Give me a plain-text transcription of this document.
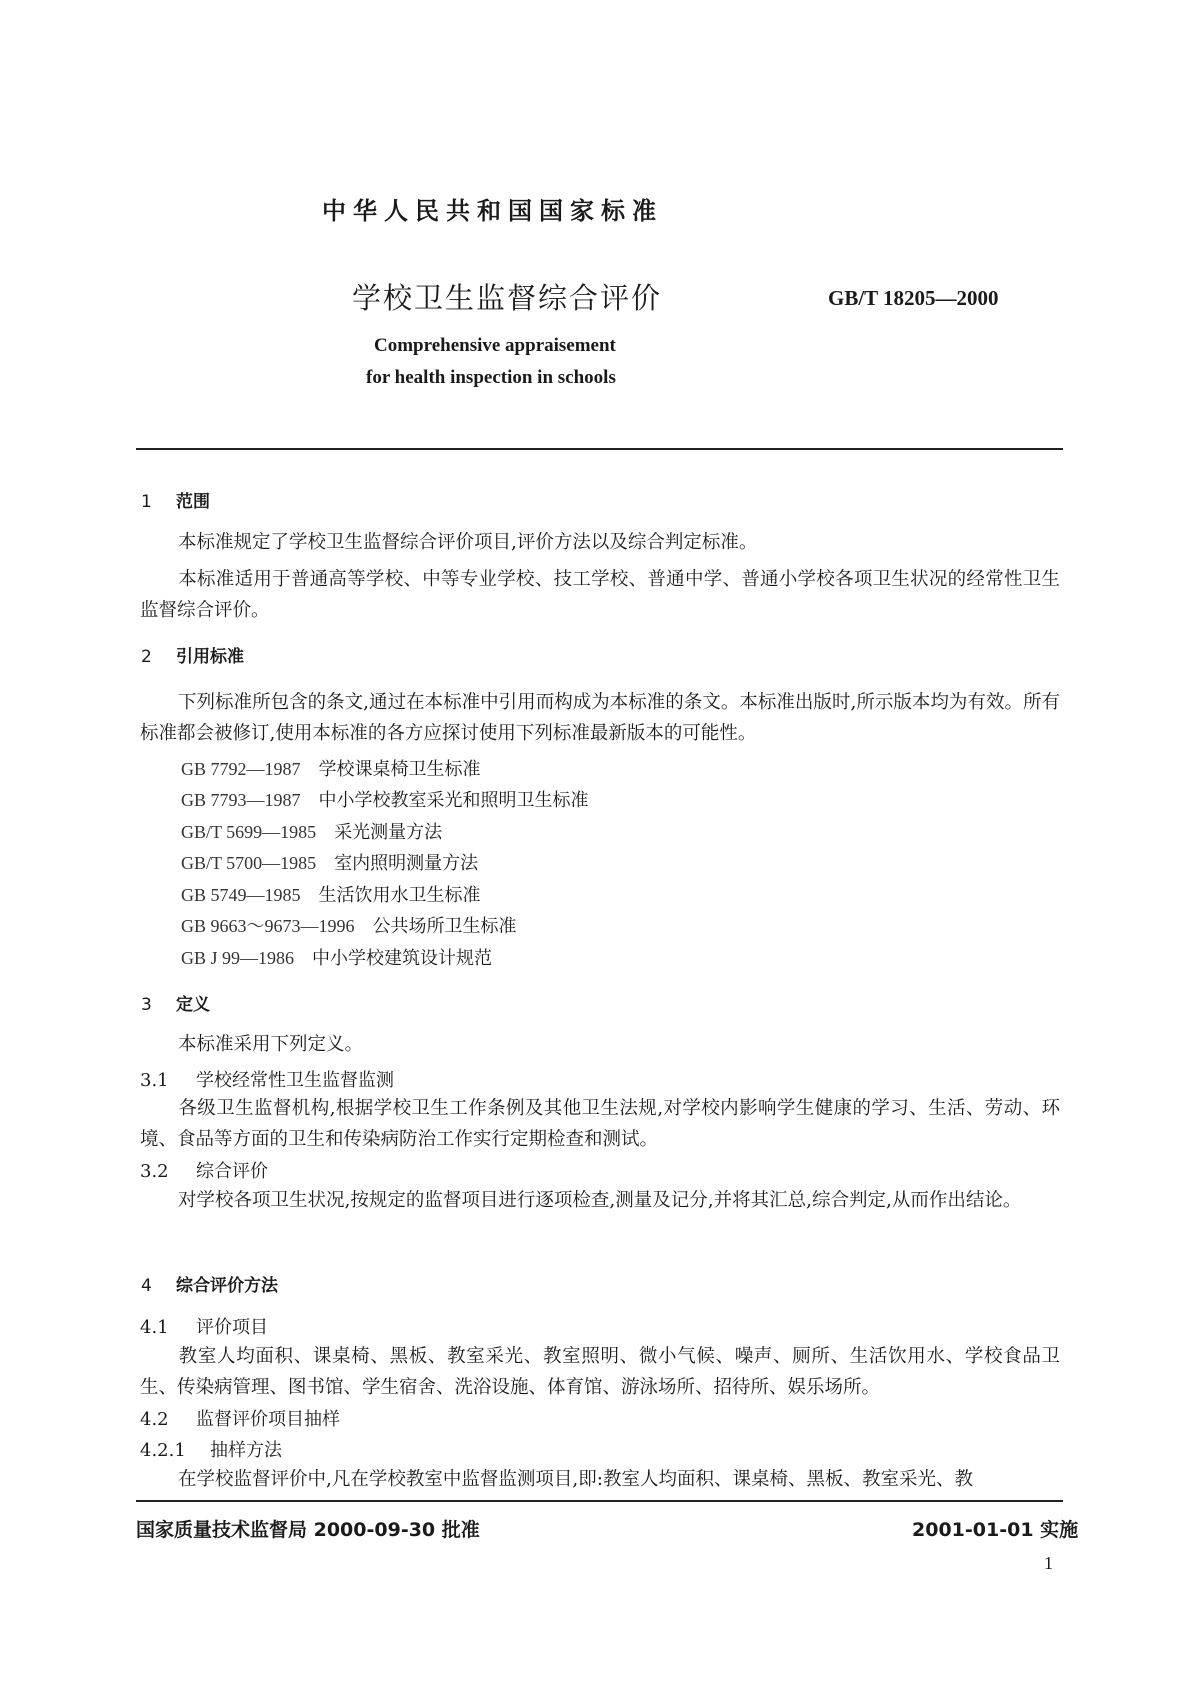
中华人民共和国国家标准
学校卫生监督综合评价	GB/T 18205—2000
Comprehensive appraisement
for health inspection in schools
1 范围
本标准规定了学校卫生监督综合评价项目,评价方法以及综合判定标准。
本标准适用于普通高等学校、中等专业学校、技工学校、普通中学、普通小学校各项卫生状况的经常性卫生监督综合评价。
2 引用标准
下列标准所包含的条文,通过在本标准中引用而构成为本标准的条文。本标准出版时,所示版本均为有效。所有标准都会被修订,使用本标准的各方应探讨使用下列标准最新版本的可能性。
GB 7792—1987 学校课桌椅卫生标准
GB 7793—1987 中小学校教室采光和照明卫生标准
GB/T 5699—1985 采光测量方法
GB/T 5700—1985 室内照明测量方法
GB 5749—1985 生活饮用水卫生标准
GB 9663～9673—1996 公共场所卫生标准
GB J 99—1986 中小学校建筑设计规范
3 定义
本标准采用下列定义。
3.1 学校经常性卫生监督监测
各级卫生监督机构,根据学校卫生工作条例及其他卫生法规,对学校内影响学生健康的学习、生活、劳动、环境、食品等方面的卫生和传染病防治工作实行定期检查和测试。
3.2 综合评价
对学校各项卫生状况,按规定的监督项目进行逐项检查,测量及记分,并将其汇总,综合判定,从而作出结论。
4 综合评价方法
4.1 评价项目
教室人均面积、课桌椅、黑板、教室采光、教室照明、微小气候、噪声、厕所、生活饮用水、学校食品卫生、传染病管理、图书馆、学生宿舍、洗浴设施、体育馆、游泳场所、招待所、娱乐场所。
4.2 监督评价项目抽样
4.2.1 抽样方法
在学校监督评价中,凡在学校教室中监督监测项目,即:教室人均面积、课桌椅、黑板、教室采光、教
国家质量技术监督局 2000-09-30 批准	2001-01-01 实施
1
